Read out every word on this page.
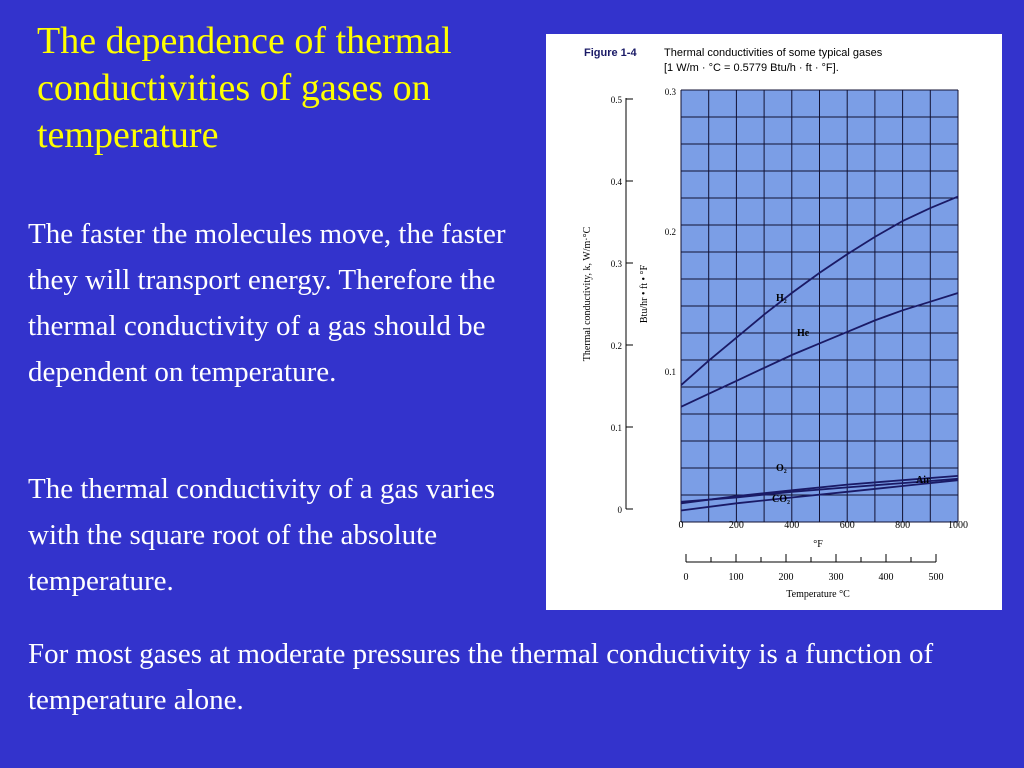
The dependence of thermal conductivities of gases on temperature
The faster the molecules move, the faster they will transport energy. Therefore the thermal conductivity of a gas should be dependent on temperature.
The thermal conductivity of a gas varies with the square root of the absolute temperature.
For most gases at moderate pressures the thermal conductivity is a function of temperature alone.
Figure 1-4 Thermal conductivities of some typical gases
[1 W/m · °C = 0.5779 Btu/h · ft · °F].
0	200	400	600	800	1000
0	100	200	300	400	500
0
0.1
0.2
0.3
0.4
0.5
0.1
0.2
0.3
H₂
He
O₂
Air
CO₂
Thermal conductivity, k, W/m·°C	Btu/hr • ft • °F
°F
Temperature °C
